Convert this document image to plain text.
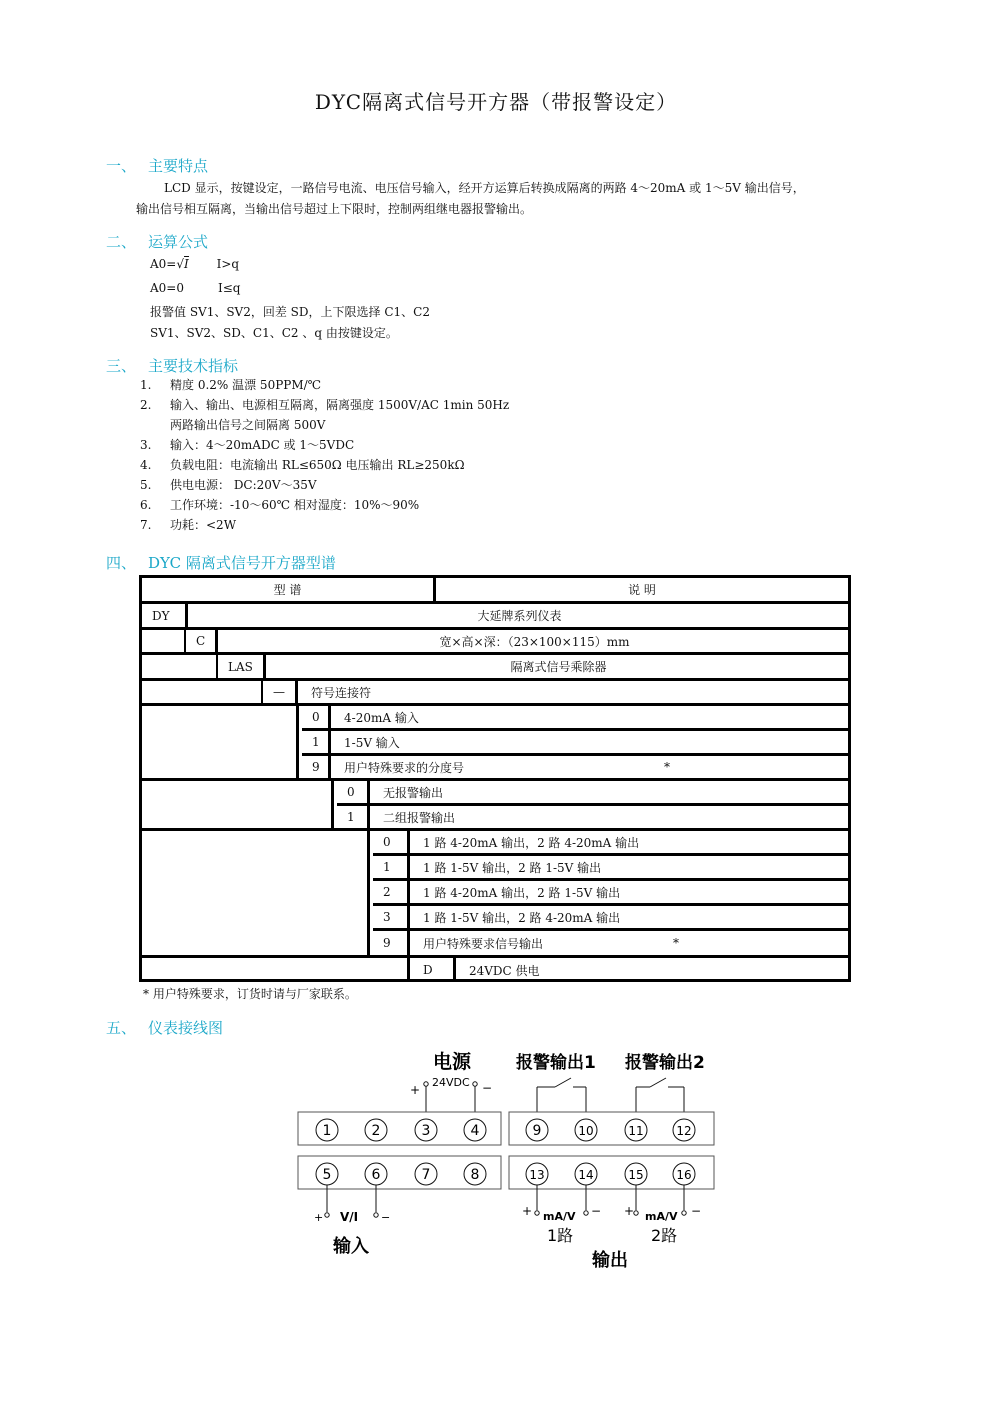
DYC隔离式信号开方器（带报警设定）
一、 主要特点
LCD 显示，按键设定，一路信号电流、电压信号输入，经开方运算后转换成隔离的两路 4～20mA 或 1～5V 输出信号，
输出信号相互隔离，当输出信号超过上下限时，控制两组继电器报警输出。
二、 运算公式
A0=√I I>q
A0=0	I≤q
报警值 SV1、SV2，回差 SD，上下限选择 C1、C2
SV1、SV2、SD、C1、C2 、q 由按键设定。
三、 主要技术指标
1. 精度 0.2% 温漂 50PPM/℃
2. 输入、输出、电源相互隔离，隔离强度 1500V/AC 1min 50Hz
两路输出信号之间隔离 500V
3. 输入：4～20mADC 或 1～5VDC
4. 负载电阻：电流输出 RL≤650Ω 电压输出 RL≥250kΩ
5. 供电电源： DC:20V～35V
6. 工作环境：-10～60℃ 相对湿度：10%～90%
7. 功耗：<2W
四、 DYC 隔离式信号开方器型谱
型 谱	说 明
DY	大延牌系列仪表
C	宽×高×深：（23×100×115）mm
LAS	隔离式信号乘除器
—	符号连接符
0	4-20mA 输入
1	1-5V 输入
9	用户特殊要求的分度号	*
0	无报警输出
1	二组报警输出
0	1 路 4-20mA 输出，2 路 4-20mA 输出
1	1 路 1-5V 输出，2 路 1-5V 输出
2	1 路 4-20mA 输出，2 路 1-5V 输出
3	1 路 1-5V 输出，2 路 4-20mA 输出
9	用户特殊要求信号输出	*
D	24VDC 供电
* 用户特殊要求，订货时请与厂家联系。
五、 仪表接线图
电源	报警输出1 报警输出2
24VDC
+	−
1	2	3	4	9	10	11	12
5	6	7	8	13	14	15	16
+ V/I −	+ mA/V − + mA/V −
输入
1路	2路
输出
